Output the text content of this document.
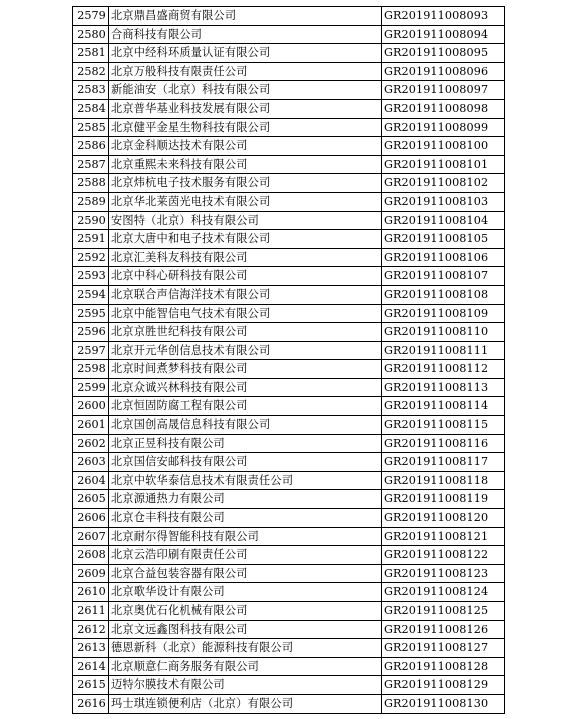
2579	北京鼎昌盛商贸有限公司	GR201911008093
2580	合商科技有限公司	GR201911008094
2581	北京中经科环质量认证有限公司	GR201911008095
2582	北京万般科技有限责任公司	GR201911008096
2583	新能油安（北京）科技有限公司	GR201911008097
2584	北京普华基业科技发展有限公司	GR201911008098
2585	北京健平金星生物科技有限公司	GR201911008099
2586	北京金科顺达技术有限公司	GR201911008100
2587	北京重熙未来科技有限公司	GR201911008101
2588	北京炜杭电子技术服务有限公司	GR201911008102
2589	北京华北莱茵光电技术有限公司	GR201911008103
2590	安图特（北京）科技有限公司	GR201911008104
2591	北京大唐中和电子技术有限公司	GR201911008105
2592	北京汇美科友科技有限公司	GR201911008106
2593	北京中科心研科技有限公司	GR201911008107
2594	北京联合声信海洋技术有限公司	GR201911008108
2595	北京中能智信电气技术有限公司	GR201911008109
2596	北京京胜世纪科技有限公司	GR201911008110
2597	北京开元华创信息技术有限公司	GR201911008111
2598	北京时间煮梦科技有限公司	GR201911008112
2599	北京众诚兴林科技有限公司	GR201911008113
2600	北京恒固防腐工程有限公司	GR201911008114
2601	北京国创高晟信息科技有限公司	GR201911008115
2602	北京正昱科技有限公司	GR201911008116
2603	北京国信安邮科技有限公司	GR201911008117
2604	北京中软华泰信息技术有限责任公司	GR201911008118
2605	北京源通热力有限公司	GR201911008119
2606	北京仓丰科技有限公司	GR201911008120
2607	北京耐尔得智能科技有限公司	GR201911008121
2608	北京云浩印刷有限责任公司	GR201911008122
2609	北京合益包装容器有限公司	GR201911008123
2610	北京歌华设计有限公司	GR201911008124
2611	北京奥优石化机械有限公司	GR201911008125
2612	北京文远鑫图科技有限公司	GR201911008126
2613	德恩新科（北京）能源科技有限公司	GR201911008127
2614	北京顺意仁商务服务有限公司	GR201911008128
2615	迈特尔膜技术有限公司	GR201911008129
2616	玛士琪连锁便利店（北京）有限公司	GR201911008130
